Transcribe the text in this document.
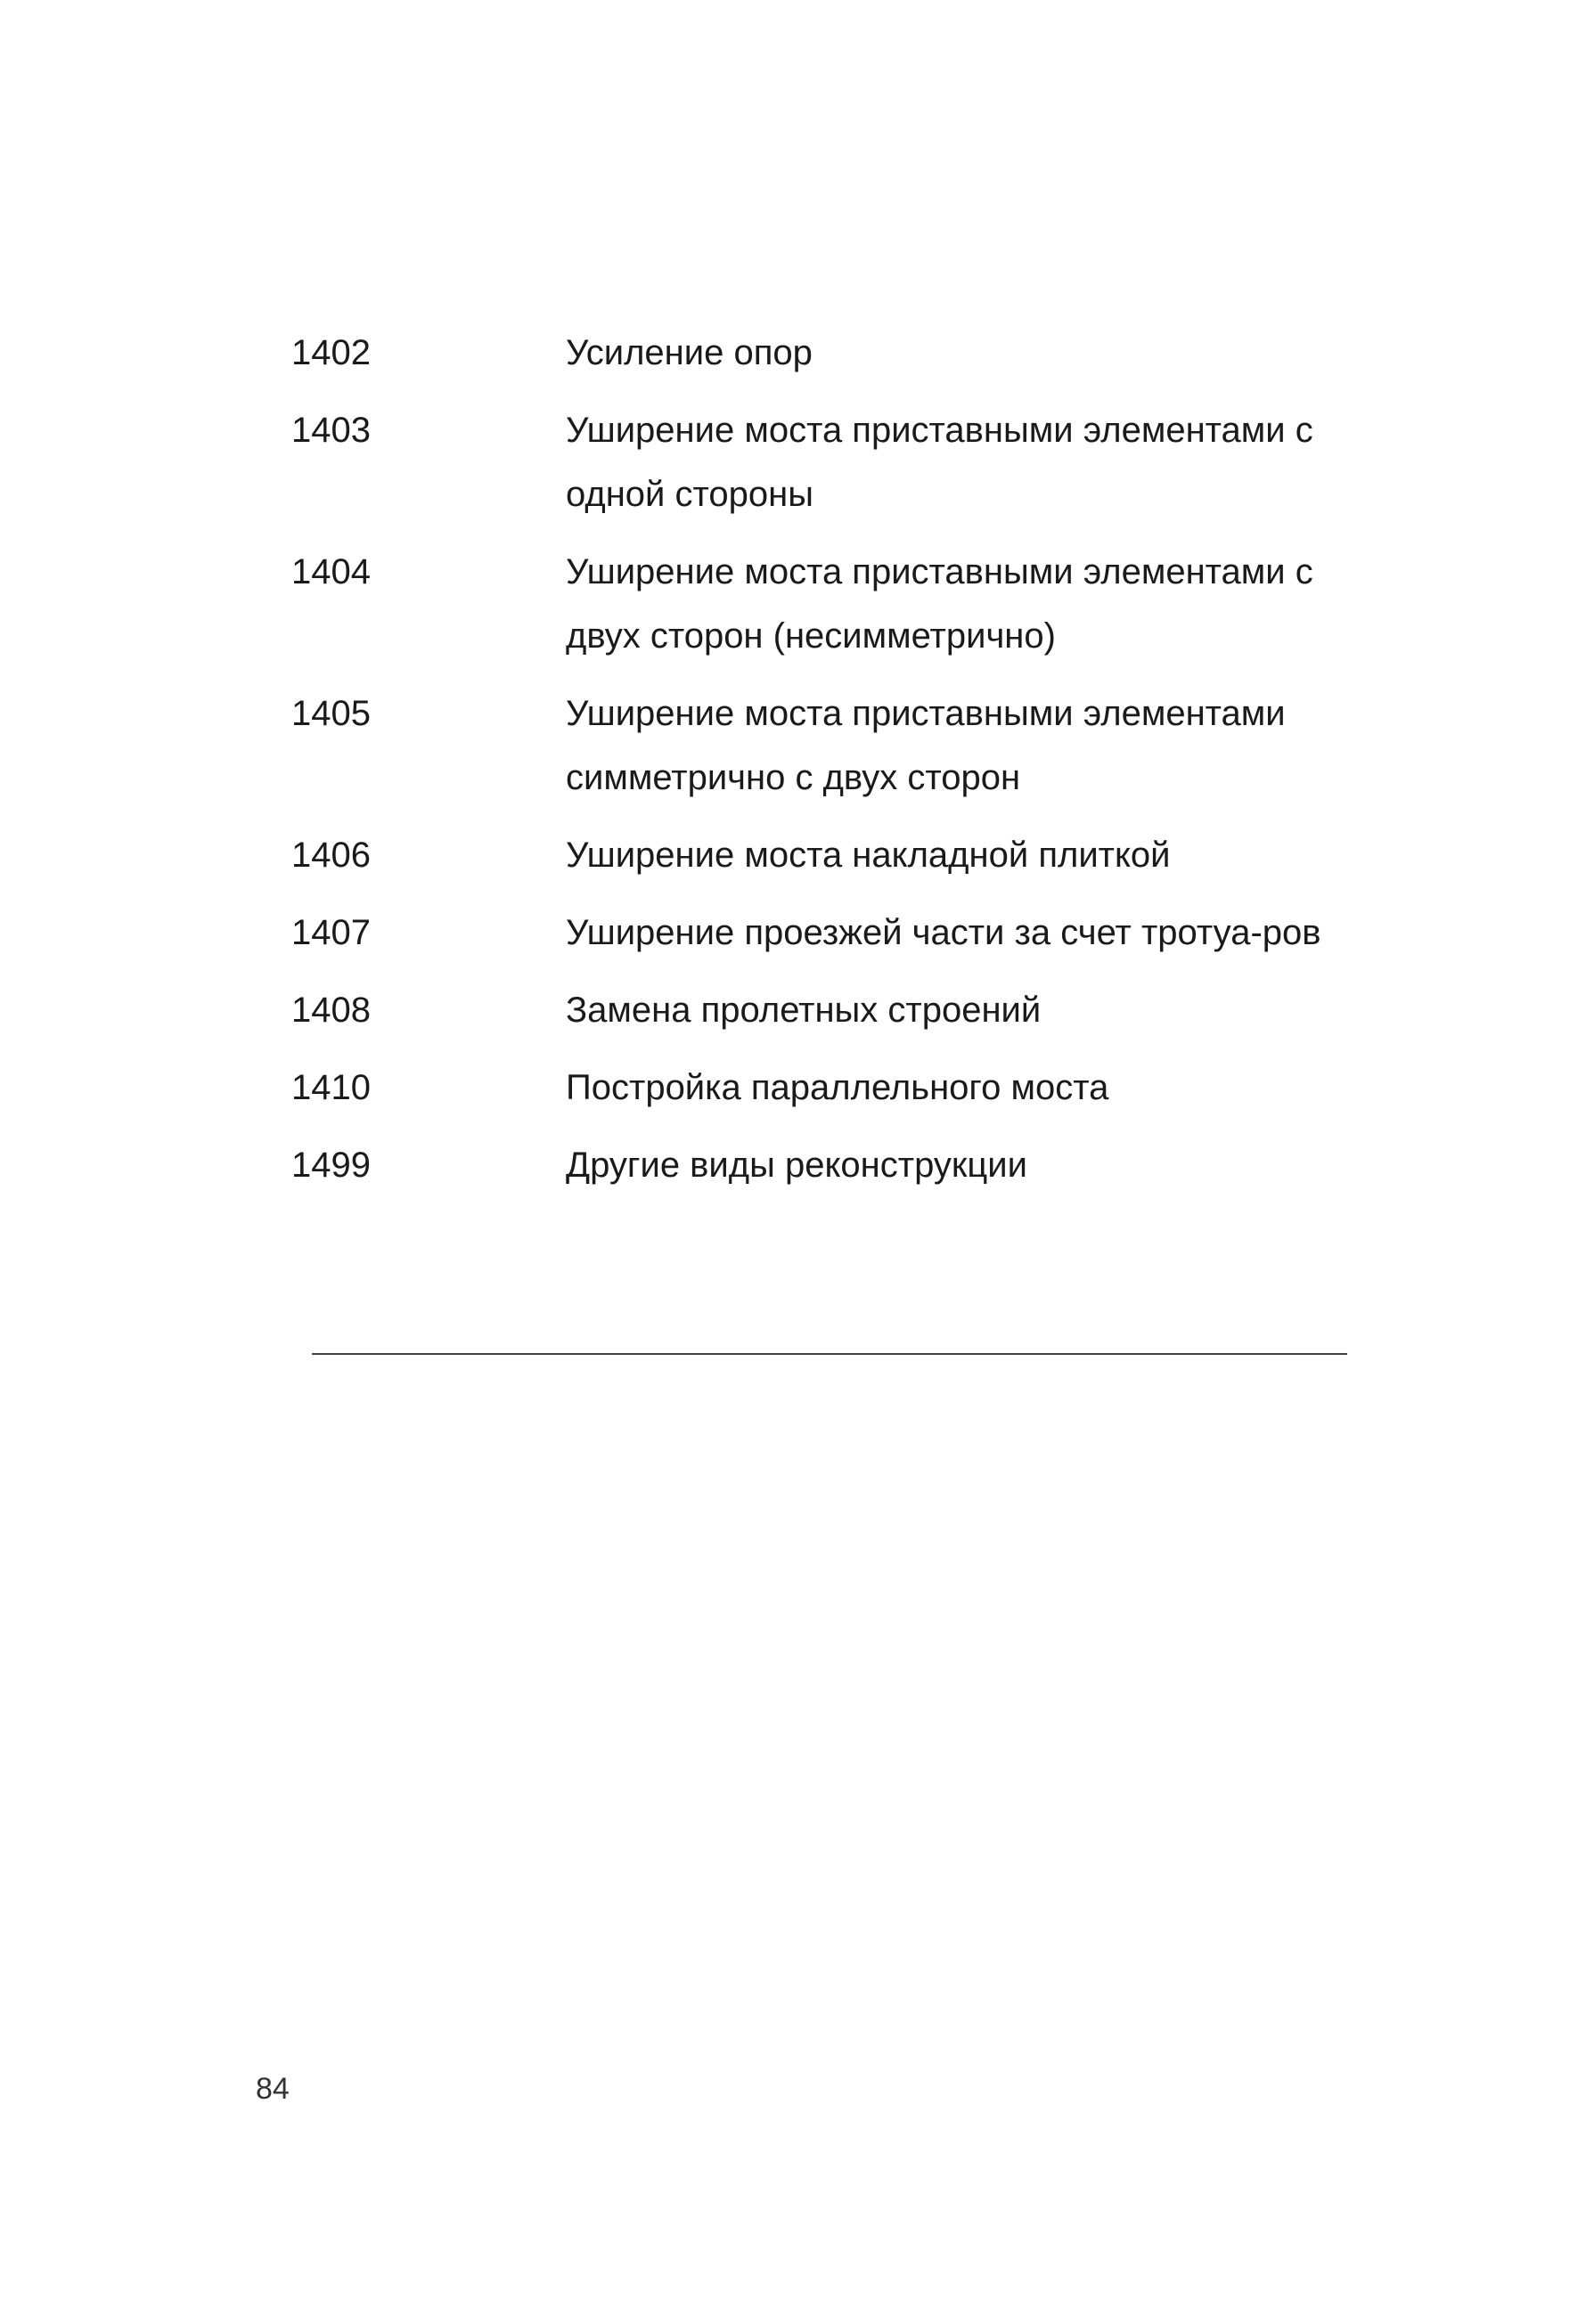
1402	Усиление опор
1403	Уширение моста приставными элементами с одной стороны
1404	Уширение моста приставными элементами с двух сторон (несимметрично)
1405	Уширение моста приставными элементами симметрично с двух сторон
1406	Уширение моста накладной плиткой
1407	Уширение проезжей части за счет тротуа-ров
1408	Замена пролетных строений
1410	Постройка параллельного моста
1499	Другие виды реконструкции
84
